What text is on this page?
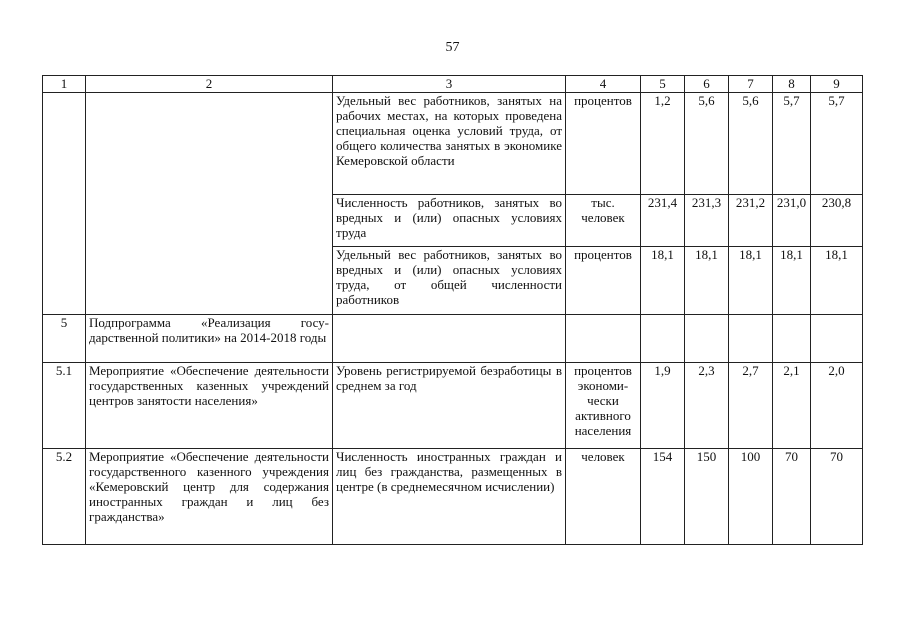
57
1	2	3	4	5	6	7	8	9
		Удельный вес работников, занятых на рабочих местах, на которых проведена специальная оценка условий труда, от общего количества занятых в экономике Кемеровской области	процентов	1,2	5,6	5,6	5,7	5,7
		Численность работников, занятых во вредных и (или) опасных условиях труда	тыс. человек	231,4	231,3	231,2	231,0	230,8
		Удельный вес работников, занятых во вредных и (или) опасных условиях труда, от общей численности работников	процентов	18,1	18,1	18,1	18,1	18,1
5	Подпрограмма «Реализация госу-дарственной политики» на 2014-2018 годы							
5.1	Мероприятие «Обеспечение деятельности государственных казенных учреждений центров занятости населения»	Уровень регистрируемой безработицы в среднем за год	процентов экономи-чески активного населения	1,9	2,3	2,7	2,1	2,0
5.2	Мероприятие «Обеспечение деятельности государственного казенного учреждения «Кемеровский центр для содержания иностранных граждан и лиц без гражданства»	Численность иностранных граждан и лиц без гражданства, размещенных в центре (в среднемесячном исчислении)	человек	154	150	100	70	70
